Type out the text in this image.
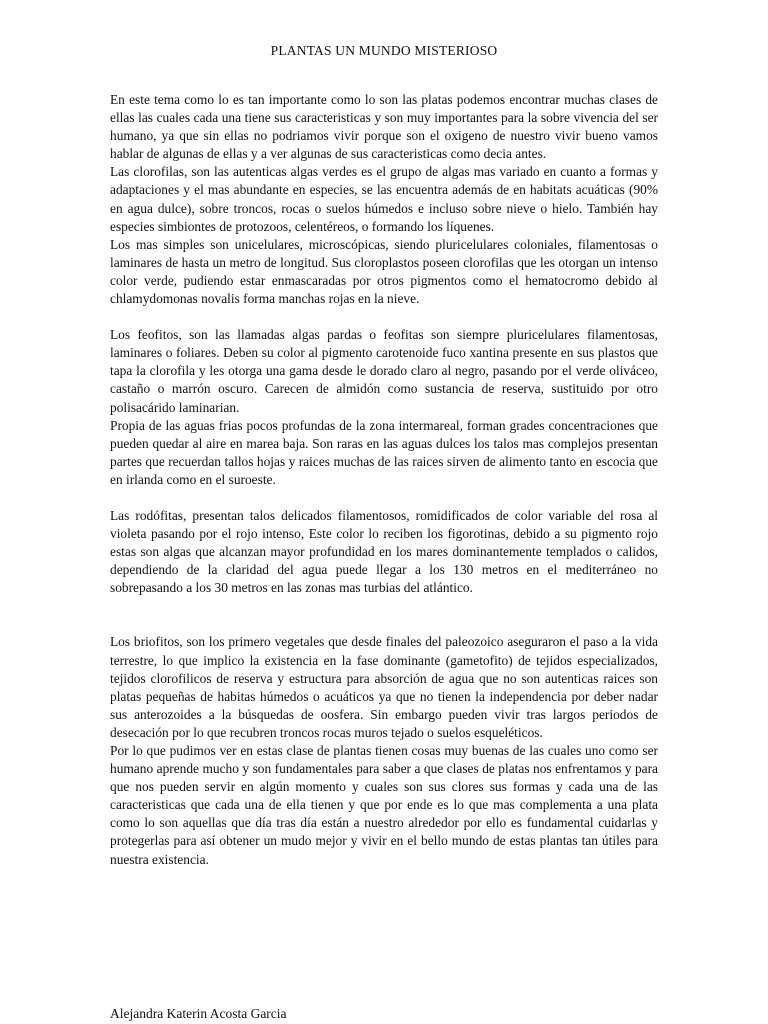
PLANTAS UN MUNDO MISTERIOSO

En este tema como lo es tan importante como lo son las platas podemos encontrar muchas clases de ellas las cuales cada una tiene sus caracteristicas y son muy importantes para la sobre vivencia del ser humano, ya que sin ellas no podriamos vivir porque son el oxigeno de nuestro vivir bueno vamos hablar de algunas de ellas y a ver algunas de sus caracteristicas como decia antes.

Las clorofilas, son las autenticas algas verdes es el grupo de algas mas variado en cuanto a formas y adaptaciones y el mas abundante en especies, se las encuentra además de en habitats acuáticas (90% en agua dulce), sobre troncos, rocas o suelos húmedos e incluso sobre nieve o hielo. También hay especies simbiontes de protozoos, celentéreos, o formando los líquenes.

Los mas simples son unicelulares, microscópicas, siendo pluricelulares coloniales, filamentosas o laminares de hasta un metro de longitud. Sus cloroplastos poseen clorofilas que les otorgan un intenso color verde, pudiendo estar enmascaradas por otros pigmentos como el hematocromo debido al chlamydomonas novalis forma manchas rojas en la nieve.

Los feofitos, son las llamadas algas pardas o feofitas son siempre pluricelulares filamentosas, laminares o foliares. Deben su color al pigmento carotenoide fuco xantina presente en sus plastos que tapa la clorofila y les otorga una gama desde le dorado claro al negro, pasando por el verde oliváceo, castaño o marrón oscuro. Carecen de almidón como sustancia de reserva, sustituido por otro polisacárido laminarian.

Propia de las aguas frias pocos profundas de la zona intermareal, forman grades concentraciones que pueden quedar al aire en marea baja. Son raras en las aguas dulces los talos mas complejos presentan partes que recuerdan tallos hojas y raices muchas de las raices sirven de alimento tanto en escocia que en irlanda como en el suroeste.

Las rodófitas, presentan talos delicados filamentosos, romidificados de color variable del rosa al violeta pasando por el rojo intenso, Este color lo reciben los figorotinas, debido a su pigmento rojo estas son algas que alcanzan mayor profundidad en los mares dominantemente templados o calidos, dependiendo de la claridad del agua puede llegar a los 130 metros en el mediterráneo no sobrepasando a los 30 metros en las zonas mas turbias del atlántico.

Los briofitos, son los primero vegetales que desde finales del paleozoico aseguraron el paso a la vida terrestre, lo que implico la existencia en la fase dominante (gametofito) de tejidos especializados, tejidos clorofilicos de reserva y estructura para absorción de agua que no son autenticas raices son platas pequeñas de habitas húmedos o acuáticos ya que no tienen la independencia por deber nadar sus anterozoides a la búsquedas de oosfera. Sin embargo pueden vivir tras largos periodos de desecación por lo que recubren troncos rocas muros tejado o suelos esqueléticos.

Por lo que pudimos ver en estas clase de plantas tienen cosas muy buenas de las cuales uno como ser humano aprende mucho y son fundamentales para saber a que clases de platas nos enfrentamos y para que nos pueden servir en algún momento y cuales son sus clores sus formas y cada una de las caracteristicas que cada una de ella tienen y que por ende es lo que mas complementa a una plata como lo son aquellas que día tras día están a nuestro alrededor por ello es fundamental cuidarlas y protegerlas para así obtener un mudo mejor y vivir en el bello mundo de estas plantas tan útiles para nuestra existencia.

Alejandra Katerin Acosta Garcia
